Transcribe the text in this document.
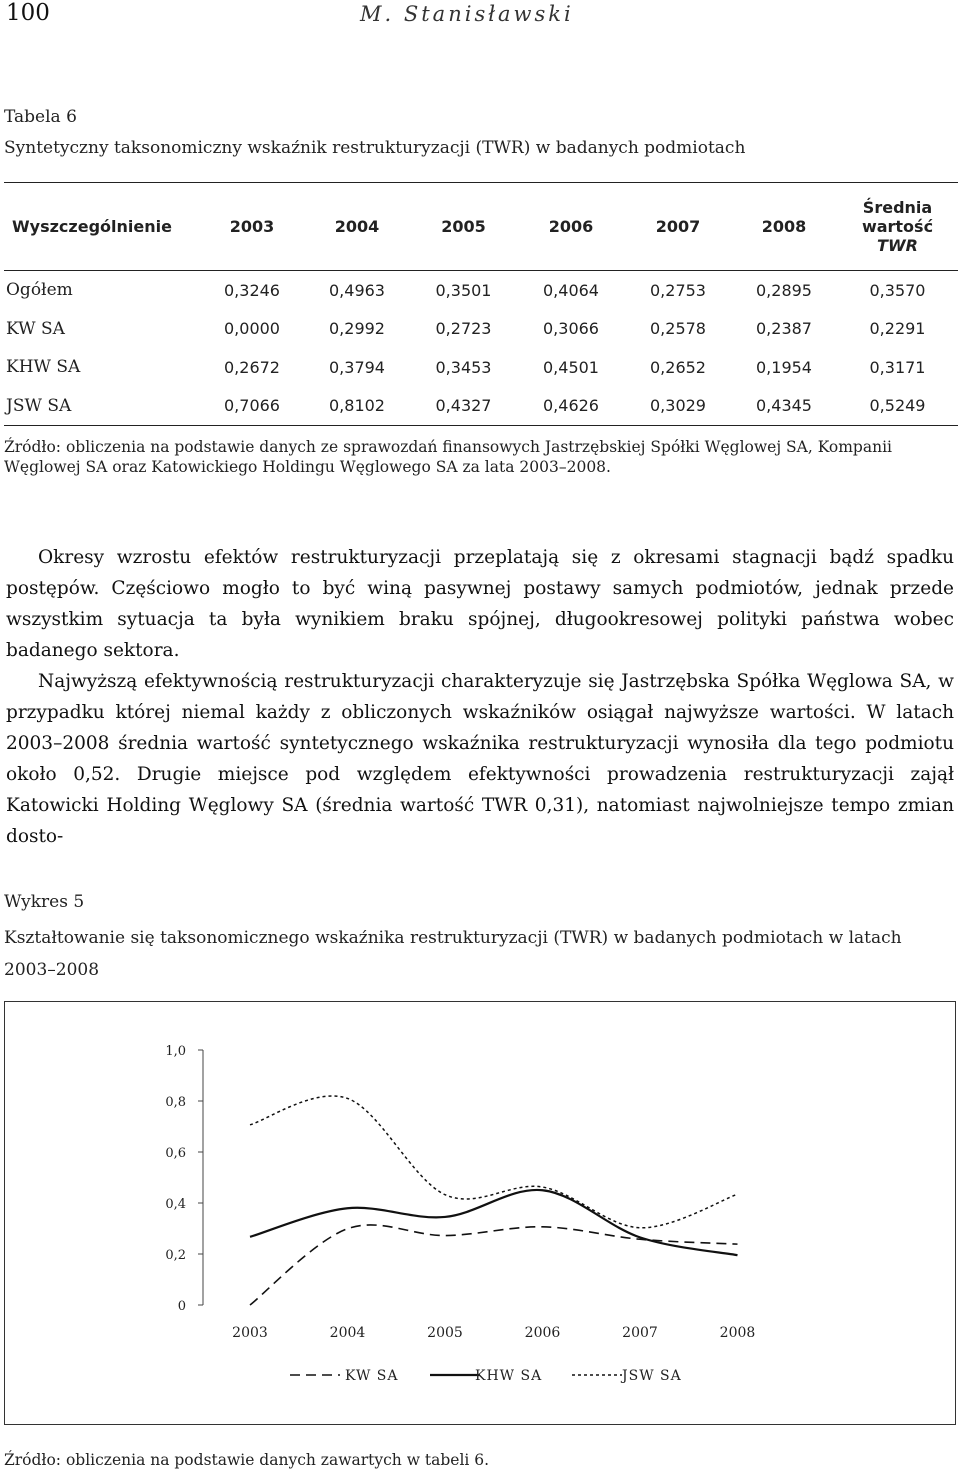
100	M. Stanisławski
Tabela 6
Syntetyczny taksonomiczny wskaźnik restrukturyzacji (TWR) w badanych podmiotach
Wyszczególnienie	2003	2004	2005	2006	2007	2008	Średnia
wartość
TWR

Ogółem	0,3246	0,4963	0,3501	0,4064	0,2753	0,2895	0,3570
KW SA	0,0000	0,2992	0,2723	0,3066	0,2578	0,2387	0,2291
KHW SA	0,2672	0,3794	0,3453	0,4501	0,2652	0,1954	0,3171
JSW SA	0,7066	0,8102	0,4327	0,4626	0,3029	0,4345	0,5249
Źródło: obliczenia na podstawie danych ze sprawozdań finansowych Jastrzębskiej Spółki Węglowej SA, Kompanii Węglowej SA oraz Katowickiego Holdingu Węglowego SA za lata 2003–2008.

Okresy wzrostu efektów restrukturyzacji przeplatają się z okresami stagnacji bądź spadku postępów. Częściowo mogło to być winą pasywnej postawy samych podmiotów, jednak przede wszystkim sytuacja ta była wynikiem braku spójnej, długookresowej polityki państwa wobec badanego sektora.

Najwyższą efektywnością restrukturyzacji charakteryzuje się Jastrzębska Spółka Węglowa SA, w przypadku której niemal każdy z obliczonych wskaźników osiągał najwyższe wartości. W latach 2003–2008 średnia wartość syntetycznego wskaźnika restrukturyzacji wynosiła dla tego podmiotu około 0,52. Drugie miejsce pod względem efektywności prowadzenia restrukturyzacji zajął Katowicki Holding Węglowy SA (średnia wartość TWR 0,31), natomiast najwolniejsze tempo zmian dosto-

Wykres 5
Kształtowanie się taksonomicznego wskaźnika restrukturyzacji (TWR) w badanych podmiotach w latach 2003–2008
0
0,2
0,4
0,6
0,8
1,0
2003	2004	2005	2006	2007	2008
KW SA	KHW SA	JSW SA
Źródło: obliczenia na podstawie danych zawartych w tabeli 6.
